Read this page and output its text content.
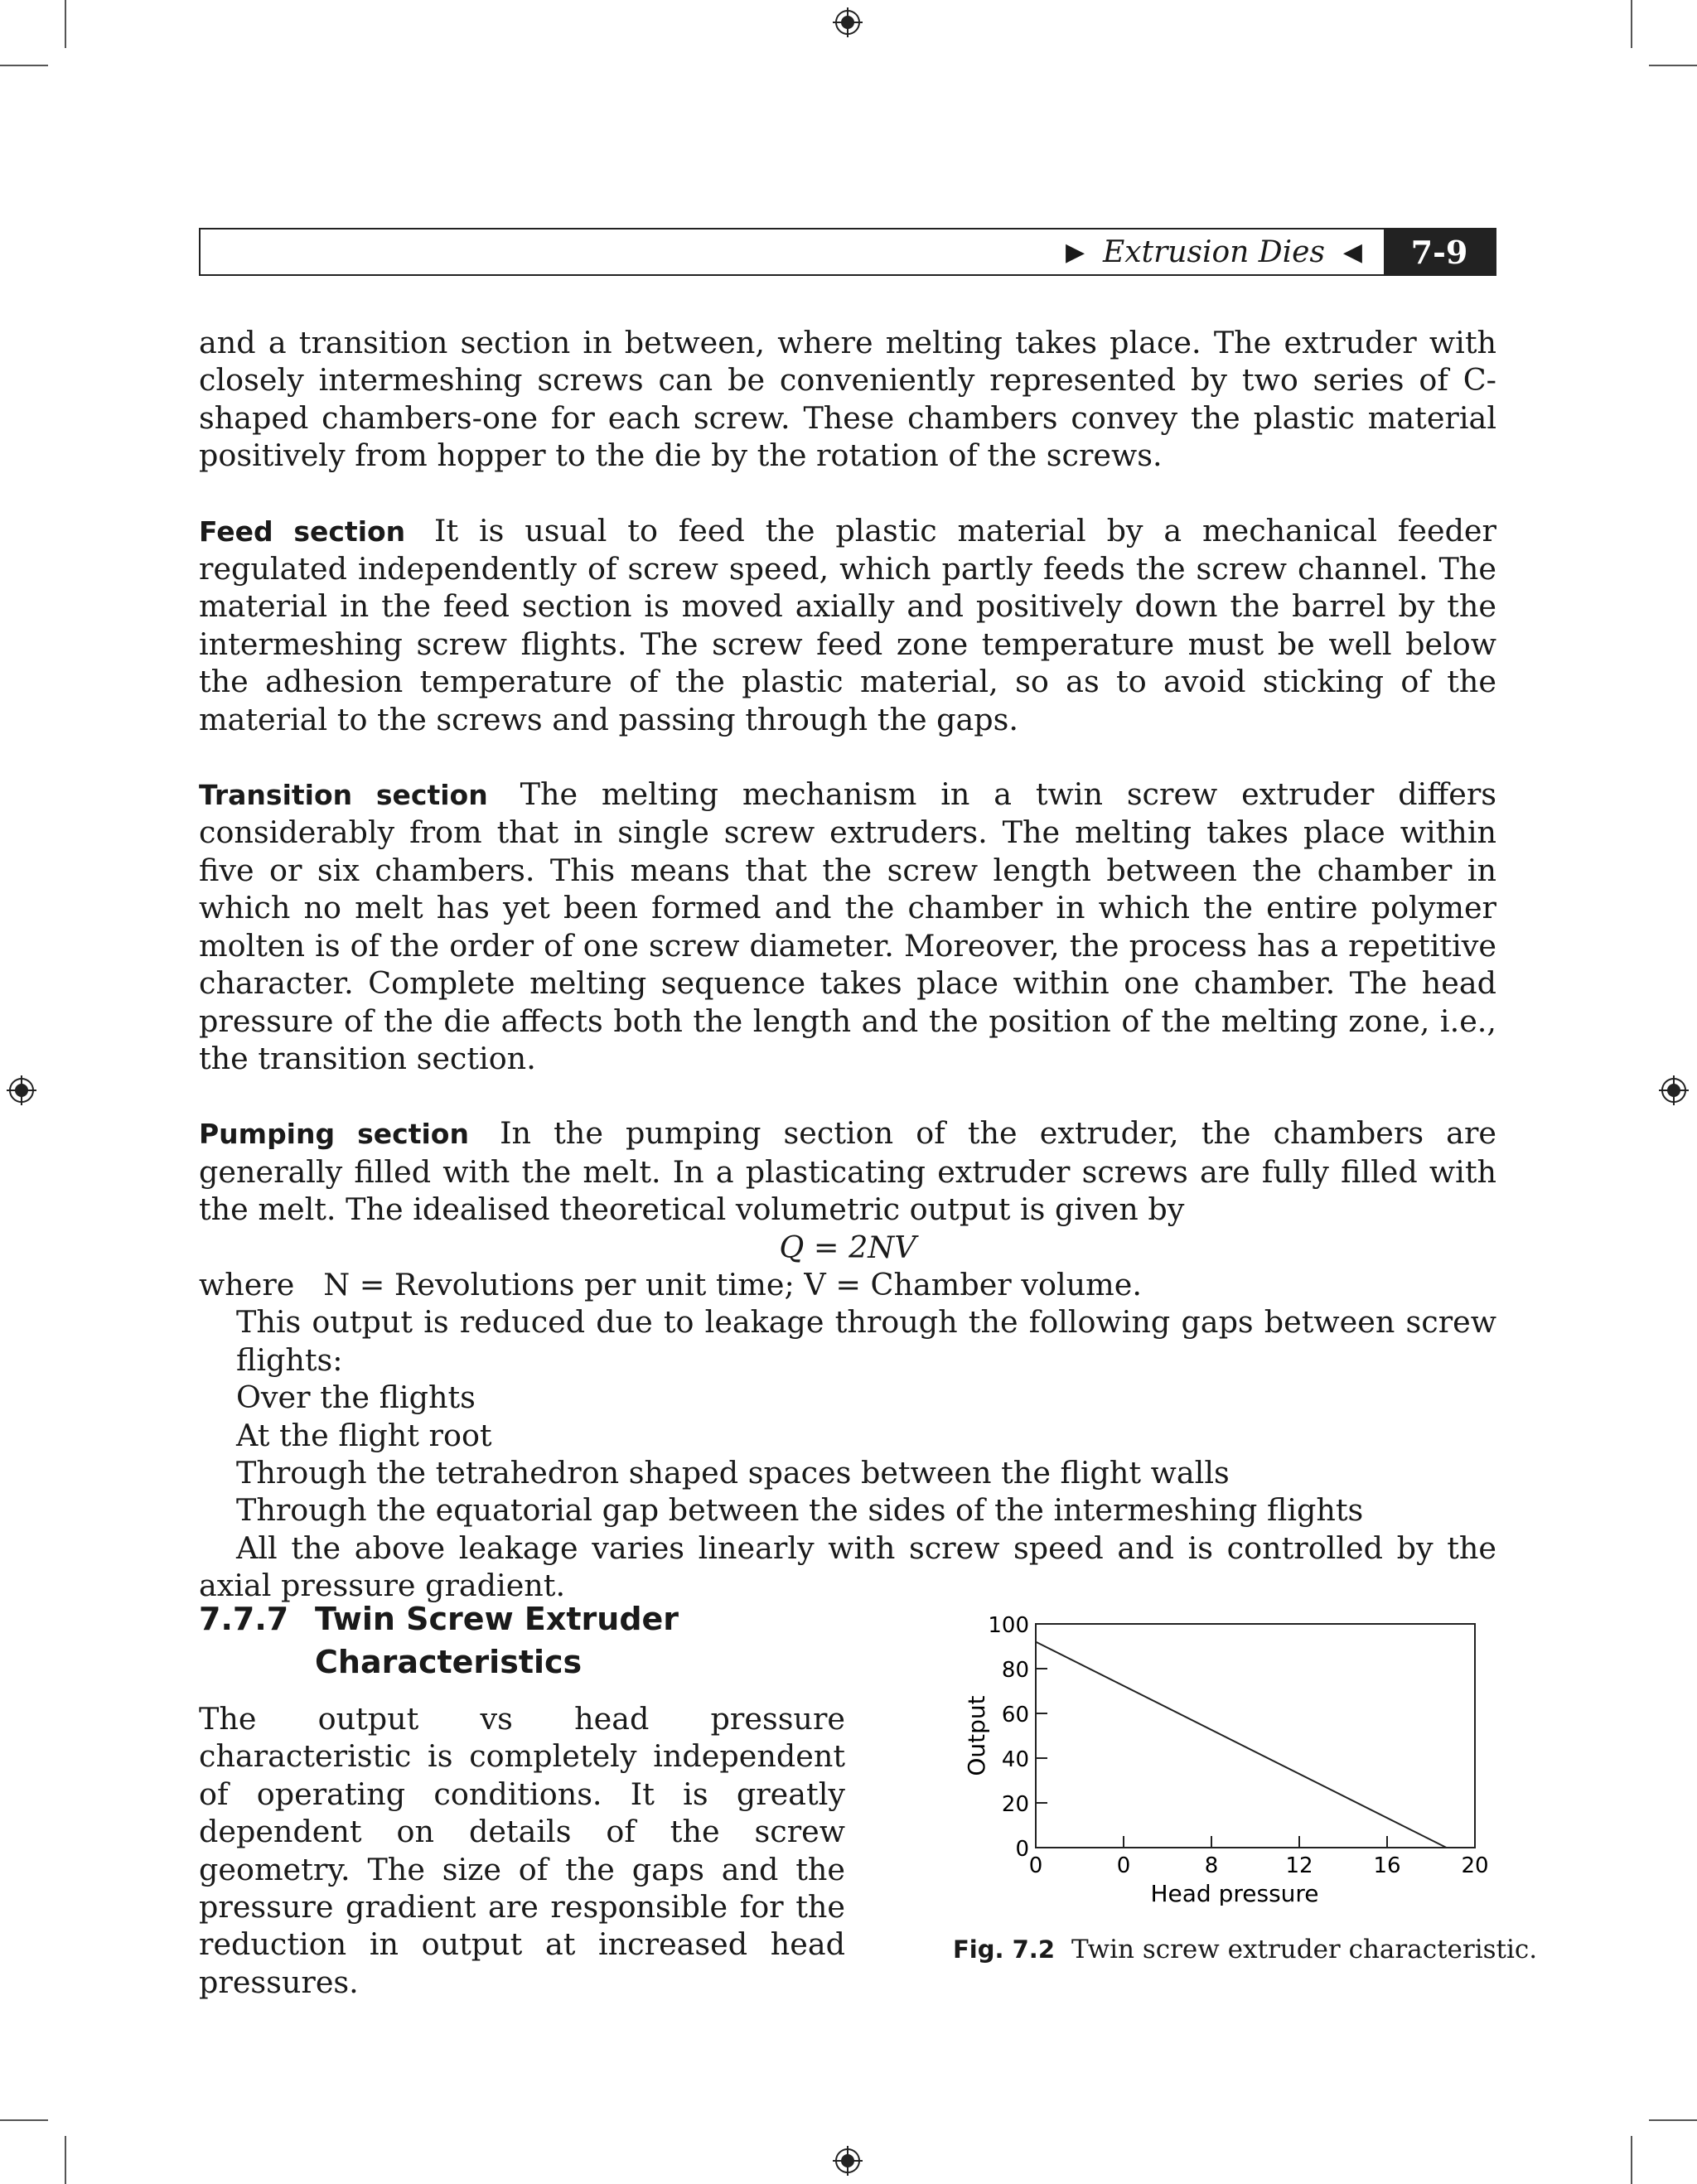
▶ Extrusion Dies ◀	7-9

and a transition section in between, where melting takes place. The extruder with closely intermeshing screws can be conveniently represented by two series of C-shaped chambers-one for each screw. These chambers convey the plastic material positively from hopper to the die by the rotation of the screws.

Feed section It is usual to feed the plastic material by a mechanical feeder regulated independently of screw speed, which partly feeds the screw channel. The material in the feed section is moved axially and positively down the barrel by the intermeshing screw flights. The screw feed zone temperature must be well below the adhesion temperature of the plastic material, so as to avoid sticking of the material to the screws and passing through the gaps.

Transition section The melting mechanism in a twin screw extruder differs considerably from that in single screw extruders. The melting takes place within five or six chambers. This means that the screw length between the chamber in which no melt has yet been formed and the chamber in which the entire polymer molten is of the order of one screw diameter. Moreover, the process has a repetitive character. Complete melting sequence takes place within one chamber. The head pressure of the die affects both the length and the position of the melting zone, i.e., the transition section.

Pumping section In the pumping section of the extruder, the chambers are generally filled with the melt. In a plasticating extruder screws are fully filled with the melt. The idealised theoretical volumetric output is given by

Q = 2NV

where   N = Revolutions per unit time; V = Chamber volume.

This output is reduced due to leakage through the following gaps between screw flights:

Over the flights

At the flight root

Through the tetrahedron shaped spaces between the flight walls

Through the equatorial gap between the sides of the intermeshing flights

All the above leakage varies linearly with screw speed and is controlled by the axial pressure gradient.

7.7.7 Twin Screw Extruder
Characteristics

The output vs head pressure characteristic is completely independent of operating conditions. It is greatly dependent on details of the screw geometry. The size of the gaps and the pressure gradient are responsible for the reduction in output at increased head pressures.

0
20
40
60
80
100
0	0	8	12	16	20
Output
Head pressure
Fig. 7.2 Twin screw extruder characteristic.
